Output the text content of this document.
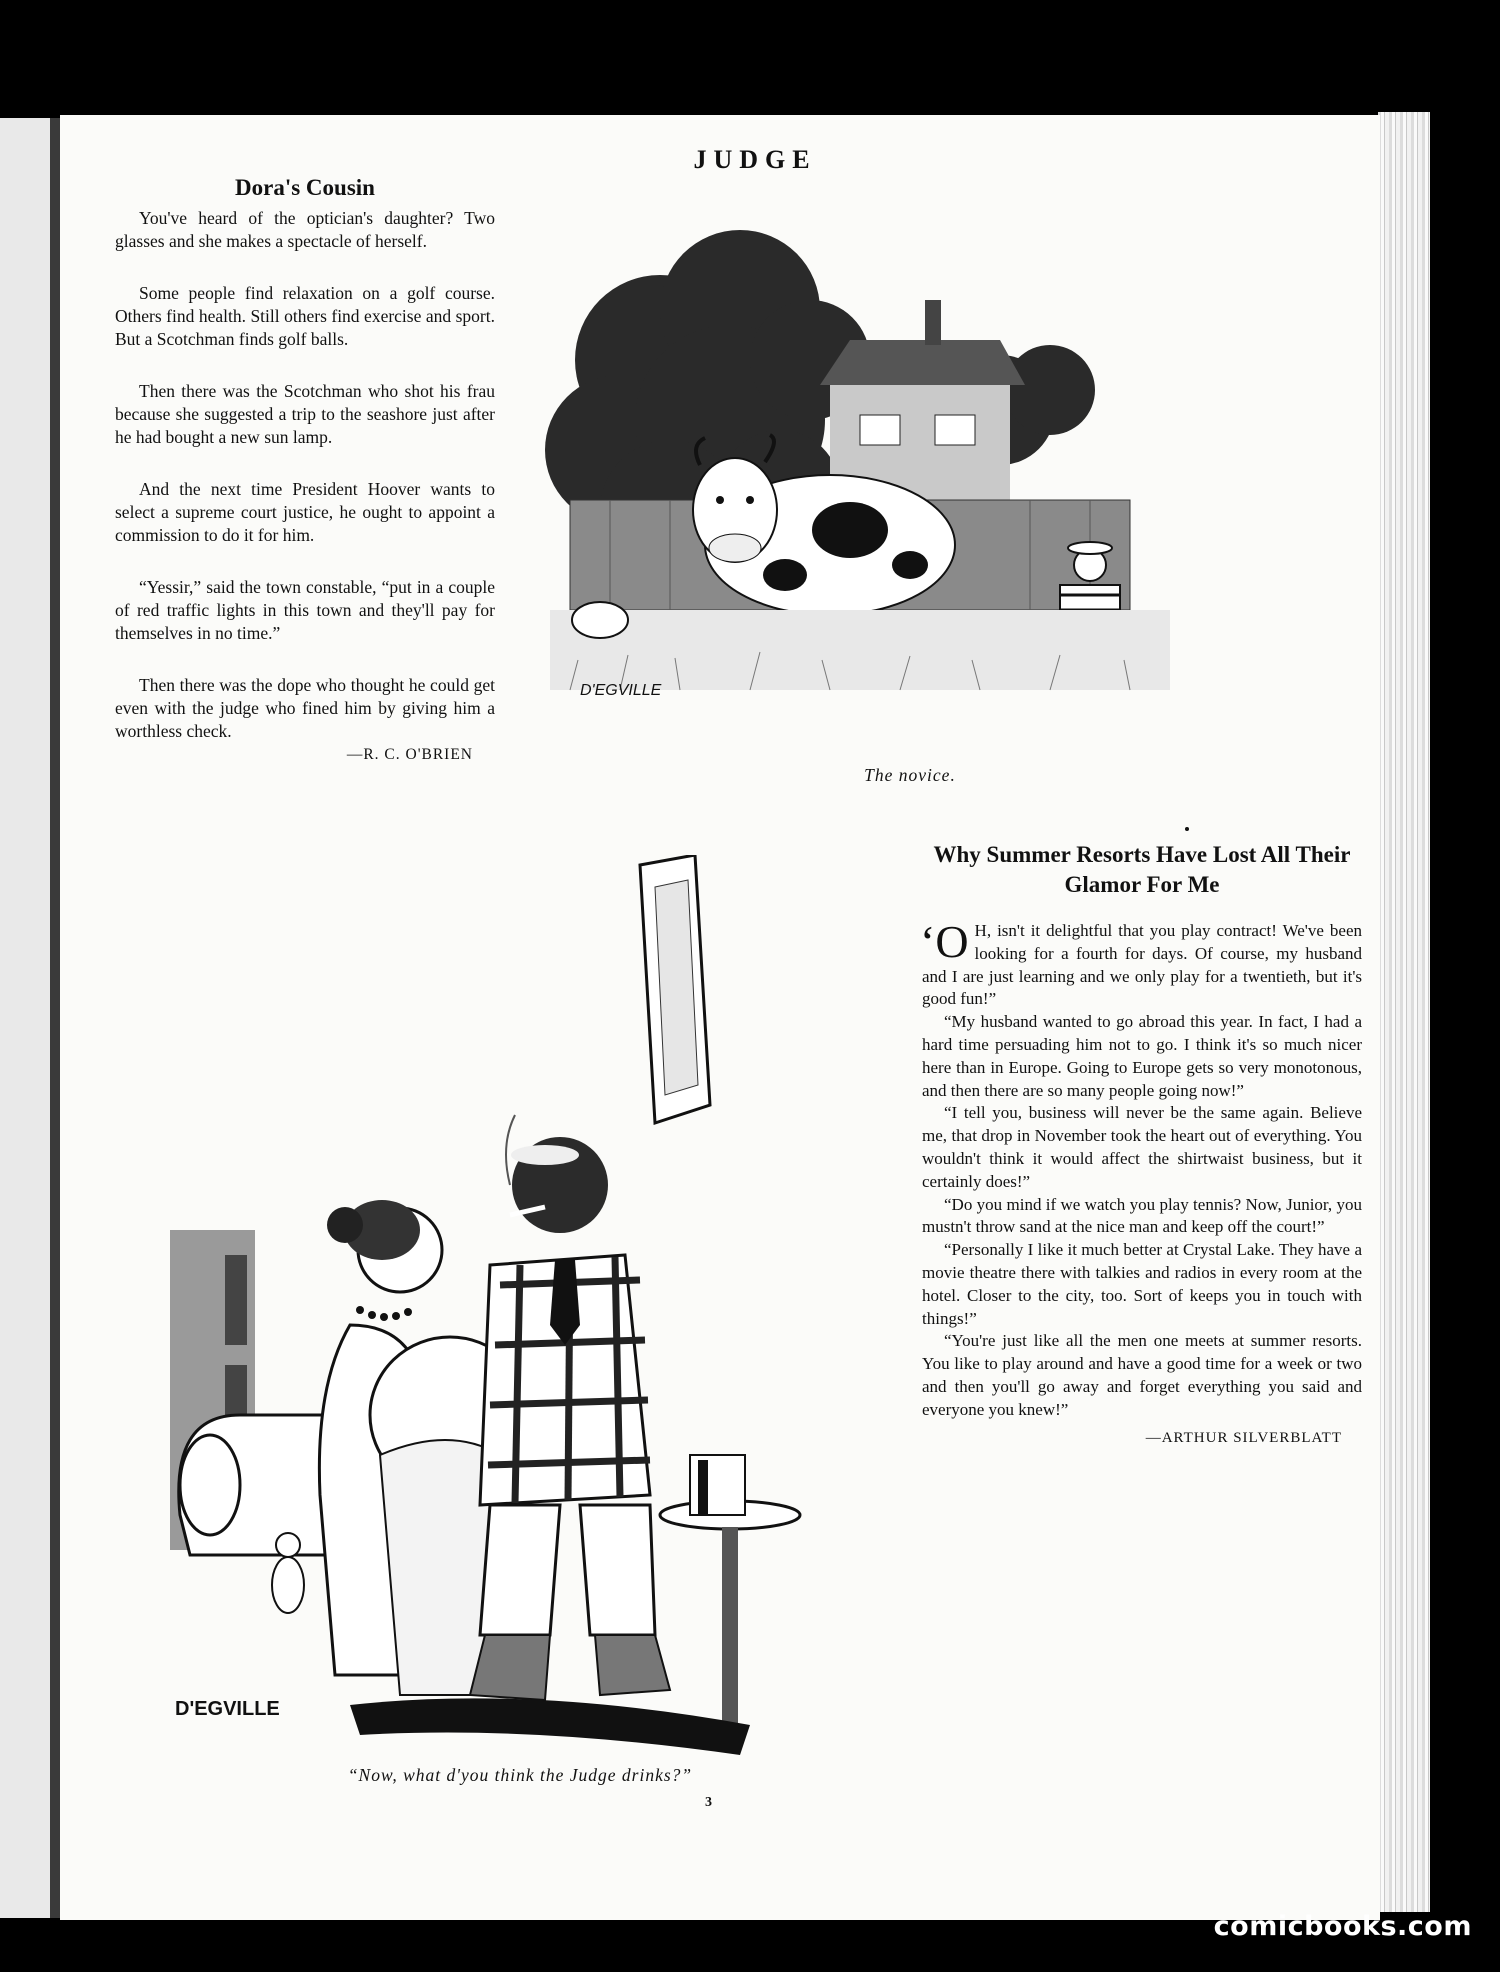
JUDGE
Dora's Cousin

You've heard of the optician's daughter? Two glasses and she makes a spectacle of herself.

Some people find relaxation on a golf course. Others find health. Still others find exercise and sport. But a Scotchman finds golf balls.

Then there was the Scotchman who shot his frau because she suggested a trip to the seashore just after he had bought a new sun lamp.

And the next time President Hoover wants to select a supreme court justice, he ought to appoint a commission to do it for him.

“Yessir,” said the town constable, “put in a couple of red traffic lights in this town and they'll pay for themselves in no time.”

Then there was the dope who thought he could get even with the judge who fined him by giving him a worthless check.

—R. C. O'BRIEN
D'EGVILLE
The novice.
D'EGVILLE
“Now, what d'you think the Judge drinks?”
Why Summer Resorts Have Lost All Their Glamor For Me

‘O H, isn't it delightful that you play contract! We've been looking for a fourth for days. Of course, my husband and I are just learning and we only play for a twentieth, but it's good fun!”

“My husband wanted to go abroad this year. In fact, I had a hard time persuading him not to go. I think it's so much nicer here than in Europe. Going to Europe gets so very monotonous, and then there are so many people going now!”

“I tell you, business will never be the same again. Believe me, that drop in November took the heart out of everything. You wouldn't think it would affect the shirtwaist business, but it certainly does!”

“Do you mind if we watch you play tennis? Now, Junior, you mustn't throw sand at the nice man and keep off the court!”

“Personally I like it much better at Crystal Lake. They have a movie theatre there with talkies and radios in every room at the hotel. Closer to the city, too. Sort of keeps you in touch with things!”

“You're just like all the men one meets at summer resorts. You like to play around and have a good time for a week or two and then you'll go away and forget everything you said and everyone you knew!”

—ARTHUR SILVERBLATT
3
comicbooks.com
